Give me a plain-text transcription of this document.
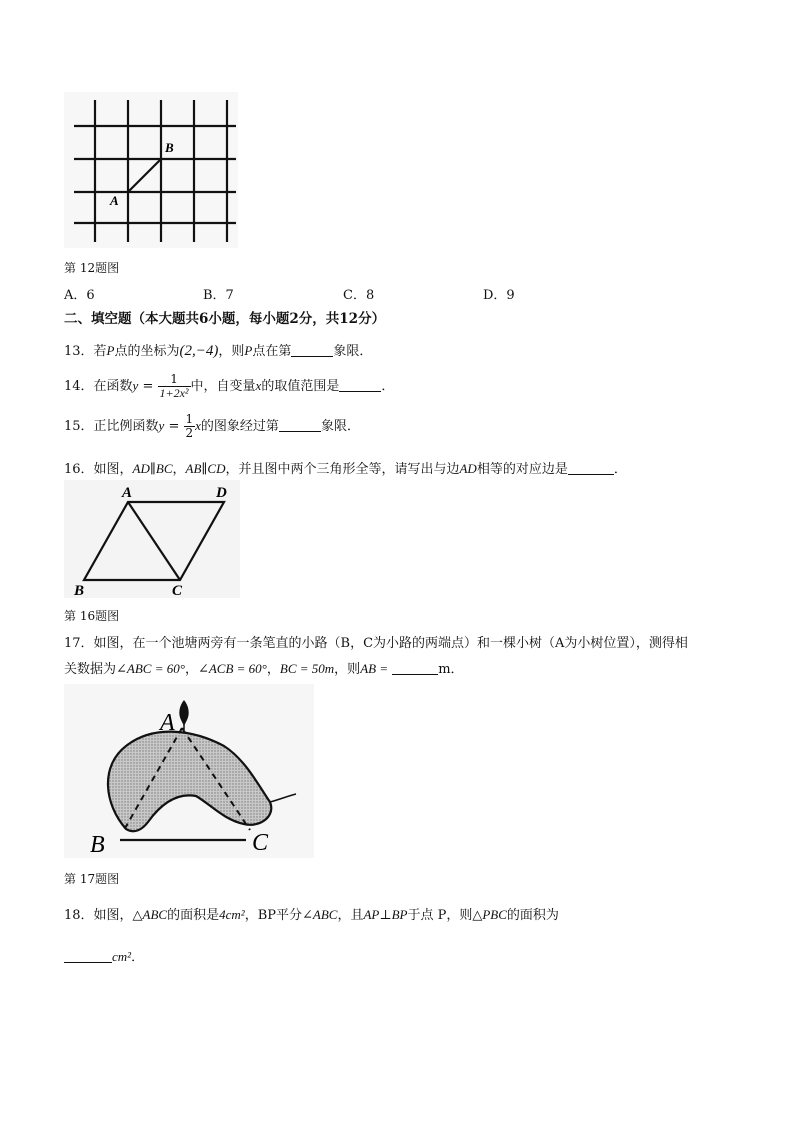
B
A
第 12题图
A．6	B．7	C．8	D．9
二、填空题（本大题共6小题，每小题2分，共12分）
13．若P点的坐标为(2,−4)，则P点在第	象限．
14．在函数$y = \frac{1}{\text{1+2x²}}$ 中，自变量x的取值范围是	．
15．正比例函数$y = \frac{1}{2}$ x的图象经过第	象限．
16．如图，AD∥BC，AB∥CD，并且图中两个三角形全等，请写出与边AD相等的对应边是	．
A	D
B	C
第 16题图
17．如图，在一个池塘两旁有一条笔直的小路（B，C为小路的两端点）和一棵小树（A为小树位置），测得相
关数据为∠ABC = 60°，∠ACB = 60°，BC = 50m，则AB =	m．
A
B	C
第 17题图
18．如图，△ABC的面积是4cm²，BP平分∠ABC，且AP⊥BP于点 P，则△PBC的面积为
cm²．
